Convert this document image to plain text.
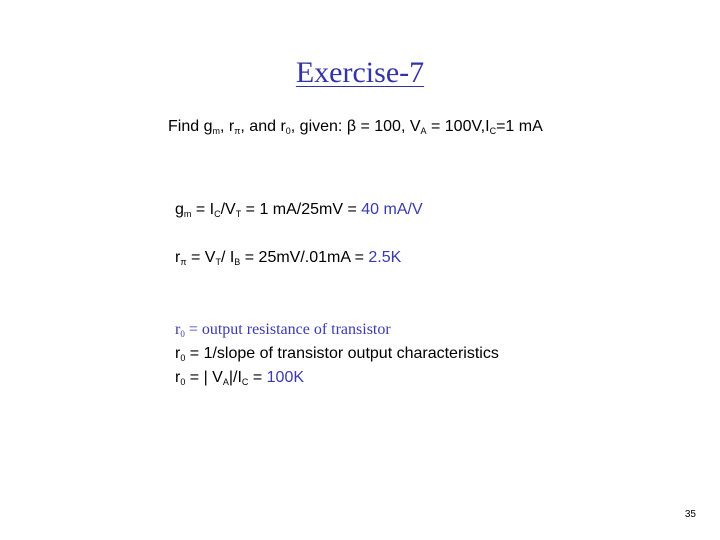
Exercise-7
Find gm, rπ, and r0, given: β = 100, VA = 100V,IC=1 mA
gm = IC/VT = 1 mA/25mV = 40 mA/V
rπ = VT/ IB = 25mV/.01mA = 2.5K
r0 = output resistance of transistor
r0 = 1/slope of transistor output characteristics
r0 = | VA|/IC = 100K
35
